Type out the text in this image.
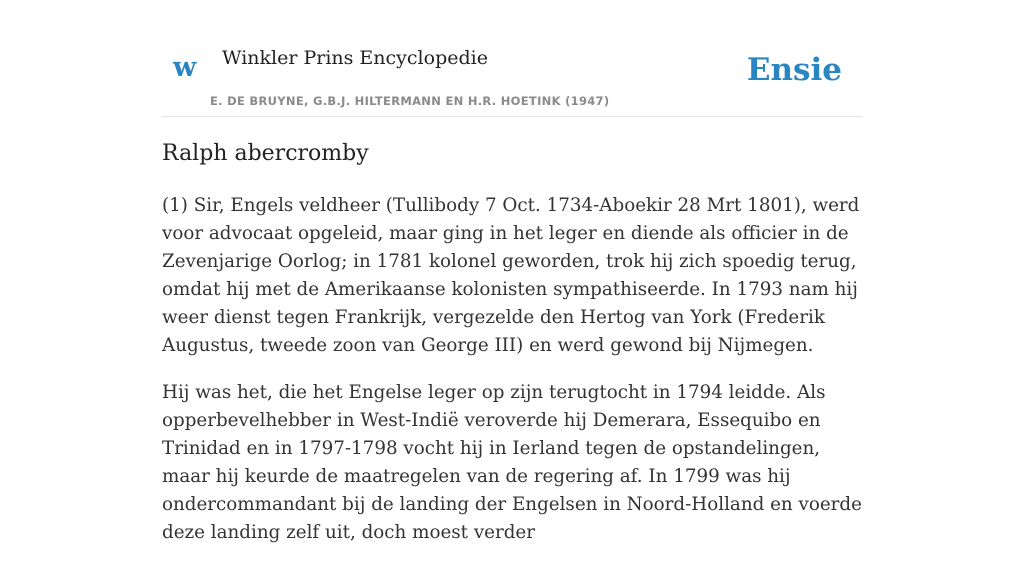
w Winkler Prins Encyclopedie	Ensie
E. DE BRUYNE, G.B.J. HILTERMANN EN H.R. HOETINK (1947)
Ralph abercromby

(1) Sir, Engels veldheer (Tullibody 7 Oct. 1734-Aboekir 28 Mrt 1801), werd voor advocaat opgeleid, maar ging in het leger en diende als officier in de Zevenjarige Oorlog; in 1781 kolonel geworden, trok hij zich spoedig terug, omdat hij met de Amerikaanse kolonisten sympathiseerde. In 1793 nam hij weer dienst tegen Frankrijk, vergezelde den Hertog van York (Frederik Augustus, tweede zoon van George III) en werd gewond bij Nijmegen.

Hij was het, die het Engelse leger op zijn terugtocht in 1794 leidde. Als opperbevelhebber in West-Indië veroverde hij Demerara, Essequibo en Trinidad en in 1797-1798 vocht hij in Ierland tegen de opstandelingen, maar hij keurde de maatregelen van de regering af. In 1799 was hij ondercommandant bij de landing der Engelsen in Noord-Holland en voerde deze landing zelf uit, doch moest verder
